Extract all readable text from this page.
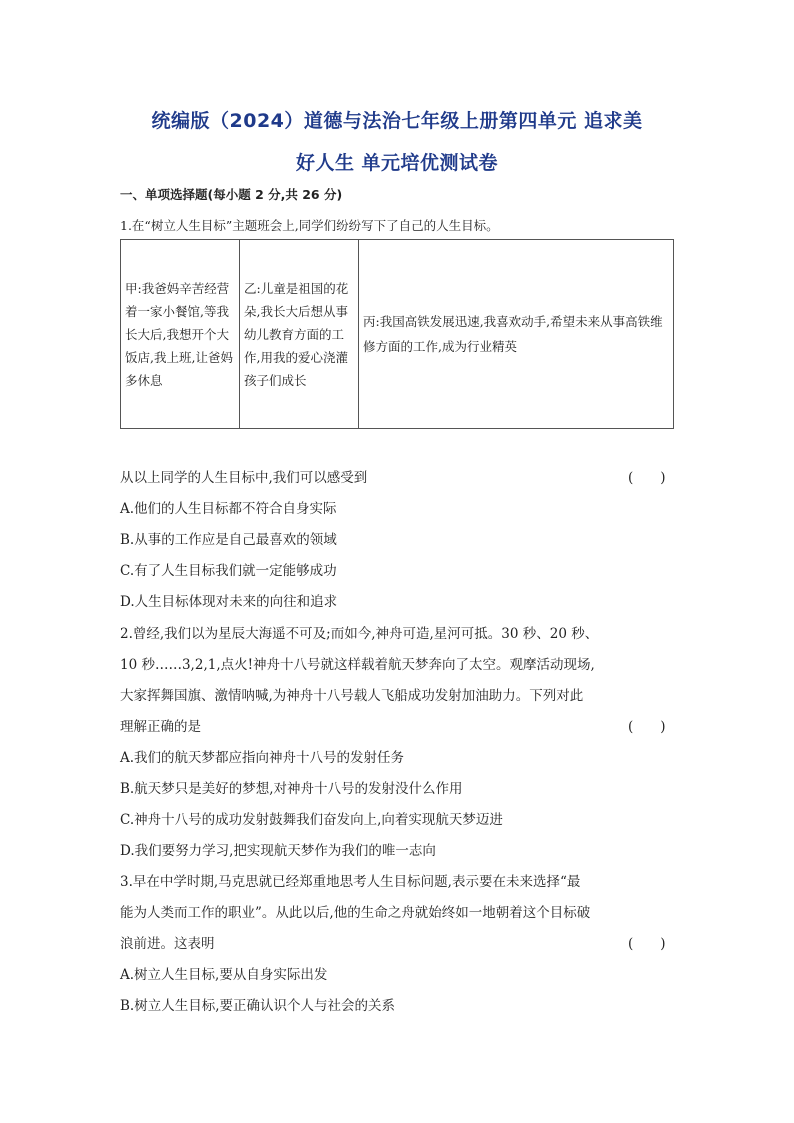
统编版（2024）道德与法治七年级上册第四单元 追求美
好人生 单元培优测试卷
一、单项选择题(每小题 2 分,共 26 分)
1.在“树立人生目标”主题班会上,同学们纷纷写下了自己的人生目标。
甲:我爸妈辛苦经营着一家小餐馆,等我长大后,我想开个大饭店,我上班,让爸妈多休息	乙:儿童是祖国的花朵,我长大后想从事幼儿教育方面的工作,用我的爱心浇灌孩子们成长	丙:我国高铁发展迅速,我喜欢动手,希望未来从事高铁维修方面的工作,成为行业精英
从以上同学的人生目标中,我们可以感受到	(　　)
A.他们的人生目标都不符合自身实际
B.从事的工作应是自己最喜欢的领域
C.有了人生目标我们就一定能够成功
D.人生目标体现对未来的向往和追求
2.曾经,我们以为星辰大海遥不可及;而如今,神舟可造,星河可抵。30 秒、20 秒、
10 秒……3,2,1,点火!神舟十八号就这样载着航天梦奔向了太空。观摩活动现场,
大家挥舞国旗、激情呐喊,为神舟十八号载人飞船成功发射加油助力。下列对此
理解正确的是	(　　)
A.我们的航天梦都应指向神舟十八号的发射任务
B.航天梦只是美好的梦想,对神舟十八号的发射没什么作用
C.神舟十八号的成功发射鼓舞我们奋发向上,向着实现航天梦迈进
D.我们要努力学习,把实现航天梦作为我们的唯一志向
3.早在中学时期,马克思就已经郑重地思考人生目标问题,表示要在未来选择“最
能为人类而工作的职业”。从此以后,他的生命之舟就始终如一地朝着这个目标破
浪前进。这表明	(　　)
A.树立人生目标,要从自身实际出发
B.树立人生目标,要正确认识个人与社会的关系
